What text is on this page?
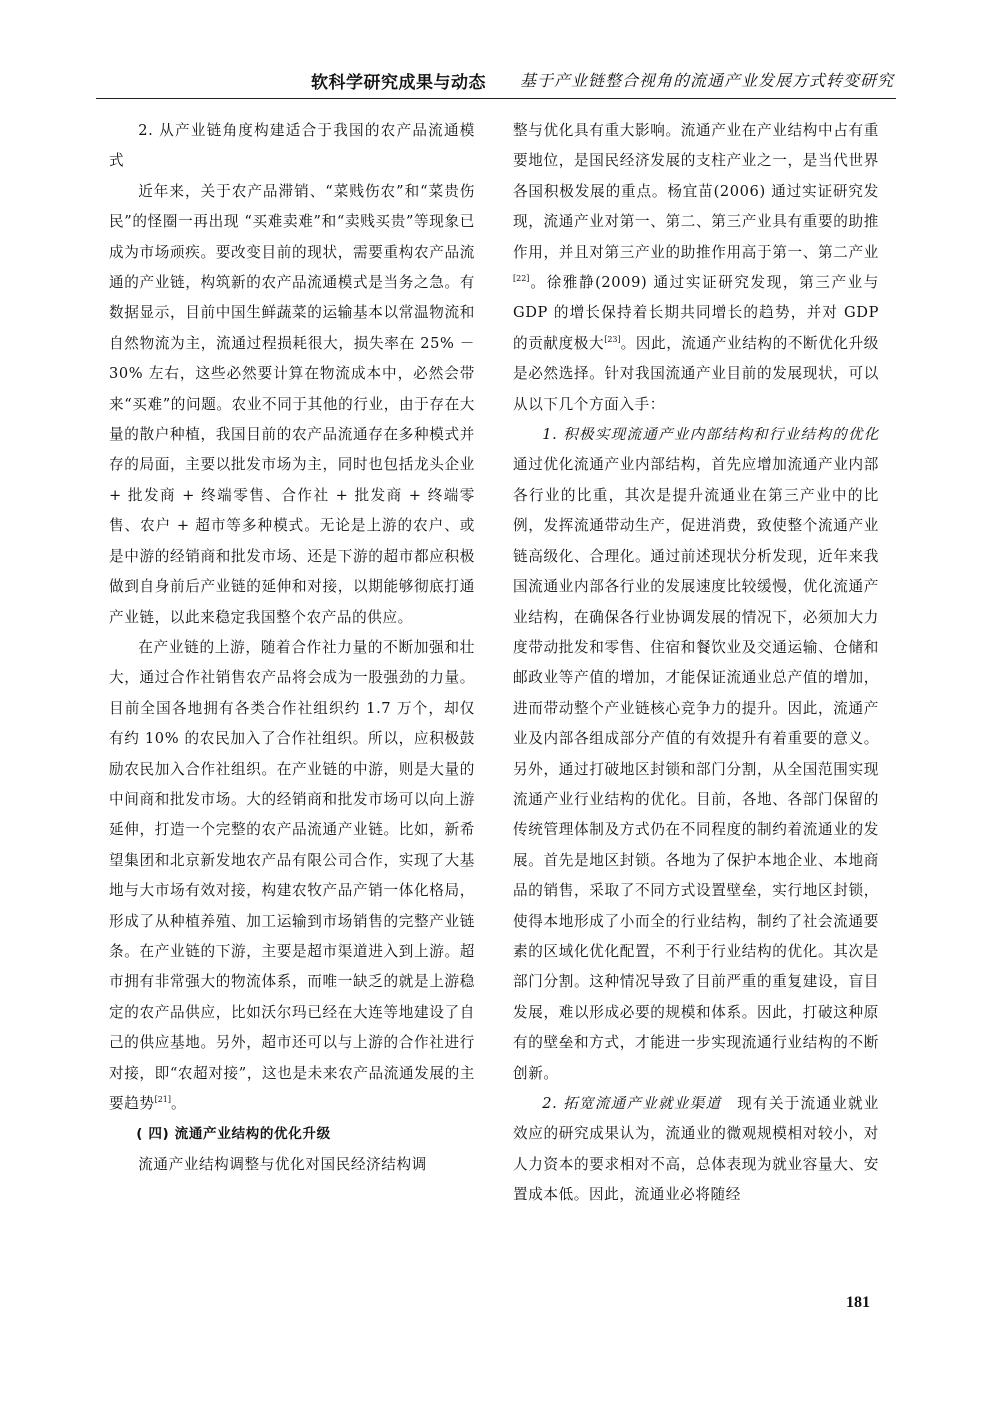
软科学研究成果与动态 基于产业链整合视角的流通产业发展方式转变研究

2. 从产业链角度构建适合于我国的农产品流通模式

近年来，关于农产品滞销、“菜贱伤农”和“菜贵伤民”的怪圈一再出现 “买难卖难”和“卖贱买贵”等现象已成为市场顽疾。要改变目前的现状，需要重构农产品流通的产业链，构筑新的农产品流通模式是当务之急。有数据显示，目前中国生鲜蔬菜的运输基本以常温物流和自然物流为主，流通过程损耗很大，损失率在 25% －30% 左右，这些必然要计算在物流成本中，必然会带来“买难”的问题。农业不同于其他的行业，由于存在大量的散户种植，我国目前的农产品流通存在多种模式并存的局面，主要以批发市场为主，同时也包括龙头企业 + 批发商 + 终端零售、合作社 + 批发商 + 终端零售、农户 + 超市等多种模式。无论是上游的农户、或是中游的经销商和批发市场、还是下游的超市都应积极做到自身前后产业链的延伸和对接，以期能够彻底打通产业链，以此来稳定我国整个农产品的供应。

在产业链的上游，随着合作社力量的不断加强和壮大，通过合作社销售农产品将会成为一股强劲的力量。目前全国各地拥有各类合作社组织约 1.7 万个，却仅有约 10% 的农民加入了合作社组织。所以，应积极鼓励农民加入合作社组织。在产业链的中游，则是大量的中间商和批发市场。大的经销商和批发市场可以向上游延伸，打造一个完整的农产品流通产业链。比如，新希望集团和北京新发地农产品有限公司合作，实现了大基地与大市场有效对接，构建农牧产品产销一体化格局，形成了从种植养殖、加工运输到市场销售的完整产业链条。在产业链的下游，主要是超市渠道进入到上游。超市拥有非常强大的物流体系，而唯一缺乏的就是上游稳定的农产品供应，比如沃尔玛已经在大连等地建设了自己的供应基地。另外，超市还可以与上游的合作社进行对接，即“农超对接”，这也是未来农产品流通发展的主要趋势[21]。

( 四) 流通产业结构的优化升级

流通产业结构调整与优化对国民经济结构调

整与优化具有重大影响。流通产业在产业结构中占有重要地位，是国民经济发展的支柱产业之一，是当代世界各国积极发展的重点。杨宜苗(2006) 通过实证研究发现，流通产业对第一、第二、第三产业具有重要的助推作用，并且对第三产业的助推作用高于第一、第二产业[22]。徐雅静(2009) 通过实证研究发现，第三产业与 GDP 的增长保持着长期共同增长的趋势，并对 GDP 的贡献度极大[23]。因此，流通产业结构的不断优化升级是必然选择。针对我国流通产业目前的发展现状，可以从以下几个方面入手：

1. 积极实现流通产业内部结构和行业结构的优化　通过优化流通产业内部结构，首先应增加流通产业内部各行业的比重，其次是提升流通业在第三产业中的比例，发挥流通带动生产，促进消费，致使整个流通产业链高级化、合理化。通过前述现状分析发现，近年来我国流通业内部各行业的发展速度比较缓慢，优化流通产业结构，在确保各行业协调发展的情况下，必须加大力度带动批发和零售、住宿和餐饮业及交通运输、仓储和邮政业等产值的增加，才能保证流通业总产值的增加，进而带动整个产业链核心竞争力的提升。因此，流通产业及内部各组成部分产值的有效提升有着重要的意义。另外，通过打破地区封锁和部门分割，从全国范围实现流通产业行业结构的优化。目前，各地、各部门保留的传统管理体制及方式仍在不同程度的制约着流通业的发展。首先是地区封锁。各地为了保护本地企业、本地商品的销售，采取了不同方式设置壁垒，实行地区封锁，使得本地形成了小而全的行业结构，制约了社会流通要素的区域化优化配置，不利于行业结构的优化。其次是部门分割。这种情况导致了目前严重的重复建设，盲目发展，难以形成必要的规模和体系。因此，打破这种原有的壁垒和方式，才能进一步实现流通行业结构的不断创新。

2. 拓宽流通产业就业渠道　 现有关于流通业就业效应的研究成果认为，流通业的微观规模相对较小，对人力资本的要求相对不高，总体表现为就业容量大、安置成本低。因此，流通业必将随经

181
